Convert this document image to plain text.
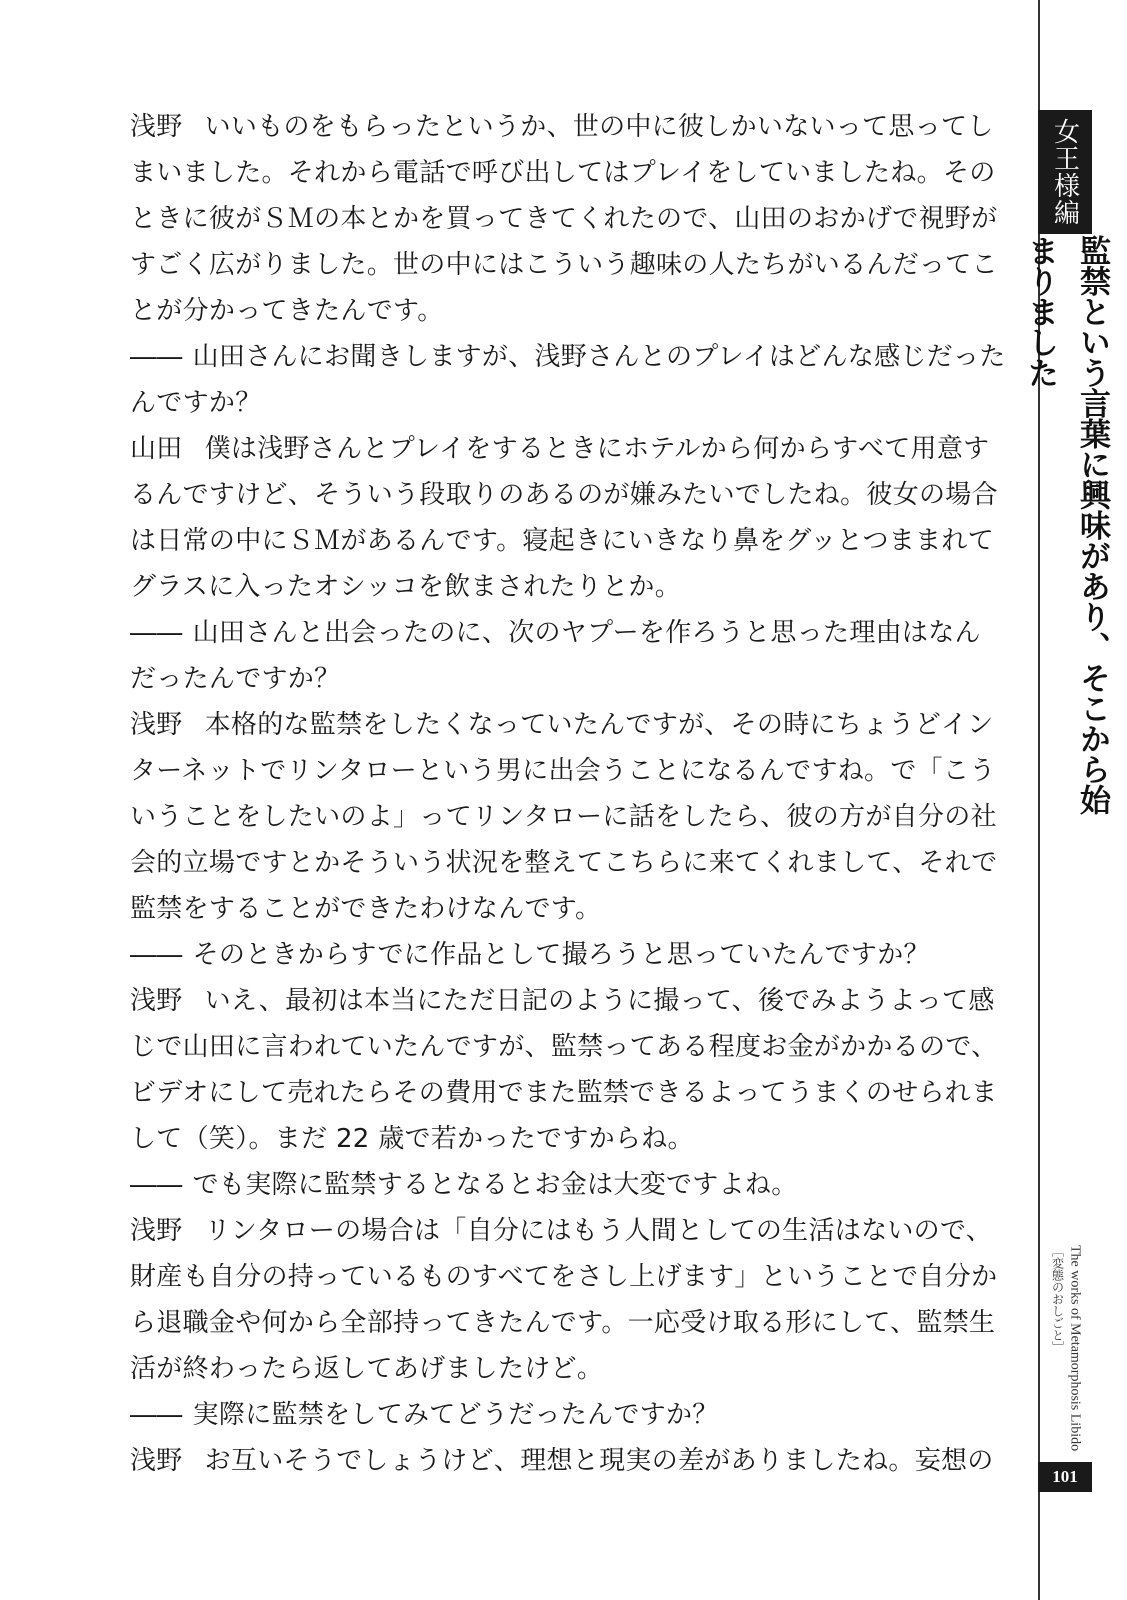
浅野 いいものをもらったというか、世の中に彼しかいないって思ってし
まいました。それから電話で呼び出してはプレイをしていましたね。その
ときに彼がＳＭの本とかを買ってきてくれたので、山田のおかげで視野が
すごく広がりました。世の中にはこういう趣味の人たちがいるんだってこ
とが分かってきたんです。
―― 山田さんにお聞きしますが、浅野さんとのプレイはどんな感じだった
んですか？
山田 僕は浅野さんとプレイをするときにホテルから何からすべて用意す
るんですけど、そういう段取りのあるのが嫌みたいでしたね。彼女の場合
は日常の中にＳＭがあるんです。寝起きにいきなり鼻をグッとつままれて
グラスに入ったオシッコを飲まされたりとか。
―― 山田さんと出会ったのに、次のヤプーを作ろうと思った理由はなん
だったんですか？
浅野 本格的な監禁をしたくなっていたんですが、その時にちょうどイン
ターネットでリンタローという男に出会うことになるんですね。で「こう
いうことをしたいのよ」ってリンタローに話をしたら、彼の方が自分の社
会的立場ですとかそういう状況を整えてこちらに来てくれまして、それで
監禁をすることができたわけなんです。
―― そのときからすでに作品として撮ろうと思っていたんですか？
浅野 いえ、最初は本当にただ日記のように撮って、後でみようよって感
じで山田に言われていたんですが、監禁ってある程度お金がかかるので、
ビデオにして売れたらその費用でまた監禁できるよってうまくのせられま
して（笑）。まだ 22 歳で若かったですからね。
―― でも実際に監禁するとなるとお金は大変ですよね。
浅野 リンタローの場合は「自分にはもう人間としての生活はないので、
財産も自分の持っているものすべてをさし上げます」ということで自分か
ら退職金や何から全部持ってきたんです。一応受け取る形にして、監禁生
活が終わったら返してあげましたけど。
―― 実際に監禁をしてみてどうだったんですか？
浅野 お互いそうでしょうけど、理想と現実の差がありましたね。妄想の
女王様編
監禁という言葉に興味があり、そこから始まりました
［変態のおしごと］ The works of Metamorphosis Libido
101
